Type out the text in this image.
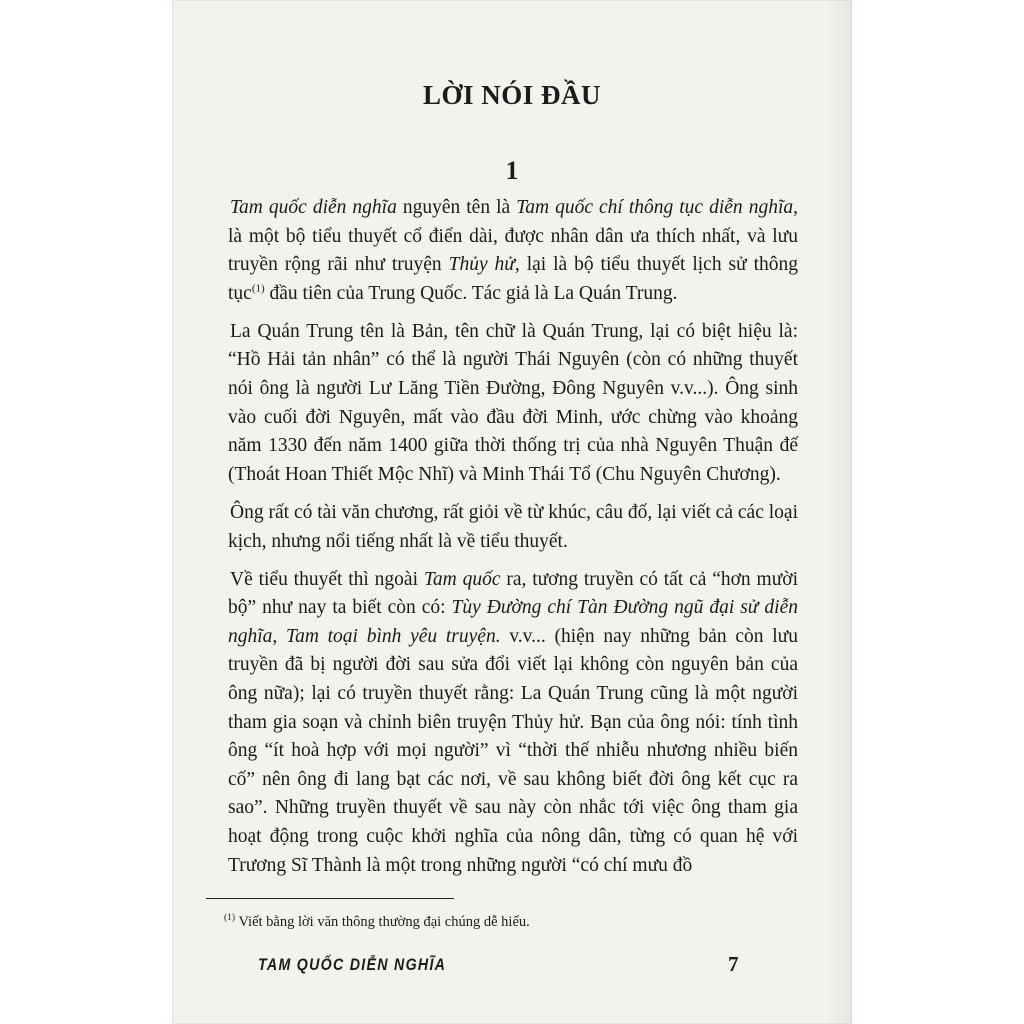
LỜI NÓI ĐẦU
1

Tam quốc diễn nghĩa nguyên tên là Tam quốc chí thông tục diễn nghĩa, là một bộ tiểu thuyết cổ điển dài, được nhân dân ưa thích nhất, và lưu truyền rộng rãi như truyện Thủy hử, lại là bộ tiểu thuyết lịch sử thông tục$^{(1)}$ đầu tiên của Trung Quốc. Tác giả là La Quán Trung.

La Quán Trung tên là Bản, tên chữ là Quán Trung, lại có biệt hiệu là: “Hồ Hải tản nhân” có thể là người Thái Nguyên (còn có những thuyết nói ông là người Lư Lăng Tiền Đường, Đông Nguyên v.v...). Ông sinh vào cuối đời Nguyên, mất vào đầu đời Minh, ước chừng vào khoảng năm 1330 đến năm 1400 giữa thời thống trị của nhà Nguyên Thuận đế (Thoát Hoan Thiết Mộc Nhĩ) và Minh Thái Tổ (Chu Nguyên Chương).

Ông rất có tài văn chương, rất giỏi về từ khúc, câu đố, lại viết cả các loại kịch, nhưng nổi tiếng nhất là về tiểu thuyết.

Về tiểu thuyết thì ngoài Tam quốc ra, tương truyền có tất cả “hơn mười bộ” như nay ta biết còn có: Tùy Đường chí Tàn Đường ngũ đại sử diễn nghĩa, Tam toại bình yêu truyện. v.v... (hiện nay những bản còn lưu truyền đã bị người đời sau sửa đổi viết lại không còn nguyên bản của ông nữa); lại có truyền thuyết rằng: La Quán Trung cũng là một người tham gia soạn và chỉnh biên truyện Thủy hử. Bạn của ông nói: tính tình ông “ít hoà hợp với mọi người” vì “thời thế nhiễu nhương nhiều biến cố” nên ông đi lang bạt các nơi, về sau không biết đời ông kết cục ra sao”. Những truyền thuyết về sau này còn nhắc tới việc ông tham gia hoạt động trong cuộc khởi nghĩa của nông dân, từng có quan hệ với Trương Sĩ Thành là một trong những người “có chí mưu đồ

$^{(1)}$ Viết bằng lời văn thông thường đại chúng dễ hiểu.

TAM QUỐC DIỄN NGHĨA	7
